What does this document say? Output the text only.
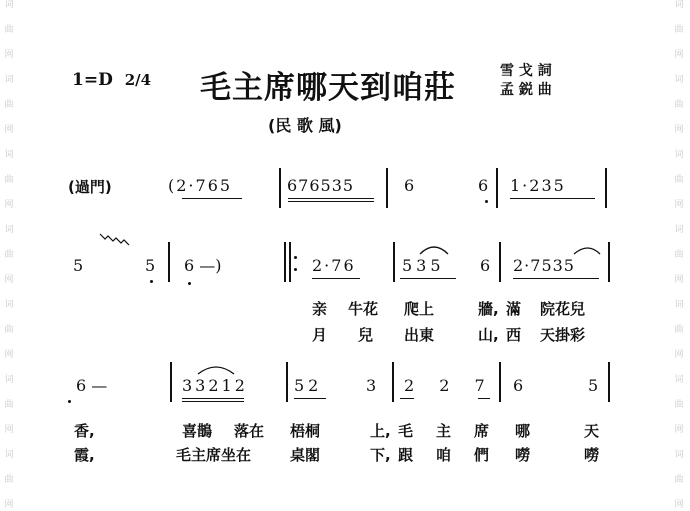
词
曲
网
词
曲
网
词
曲
网
词
曲
网
词
曲
网
词
曲
网
词
曲
网
词
曲
网
词
曲
网
词
曲
网
词
曲
网
词
曲
网
词
曲
网
词
曲
网
1=D 2/4 毛主席哪天到咱莊	雪 戈 詞
孟 鋭 曲
(民 歌 風)
(過門)	(2·765	676535	6	6 1·235
5	5 6 —)	2·76	535 6 2·7535
亲 牛花 爬上	牆, 滿 院花兒
月 兒 出東	山, 西 天掛彩
6 —	33212	52	3 2 2 7 6	5
香,	喜鵲 落在 梧桐	上, 毛 主 席 哪	天
霞,	毛主席坐在	桌閣	下, 跟 咱 們 嘮	嘮
